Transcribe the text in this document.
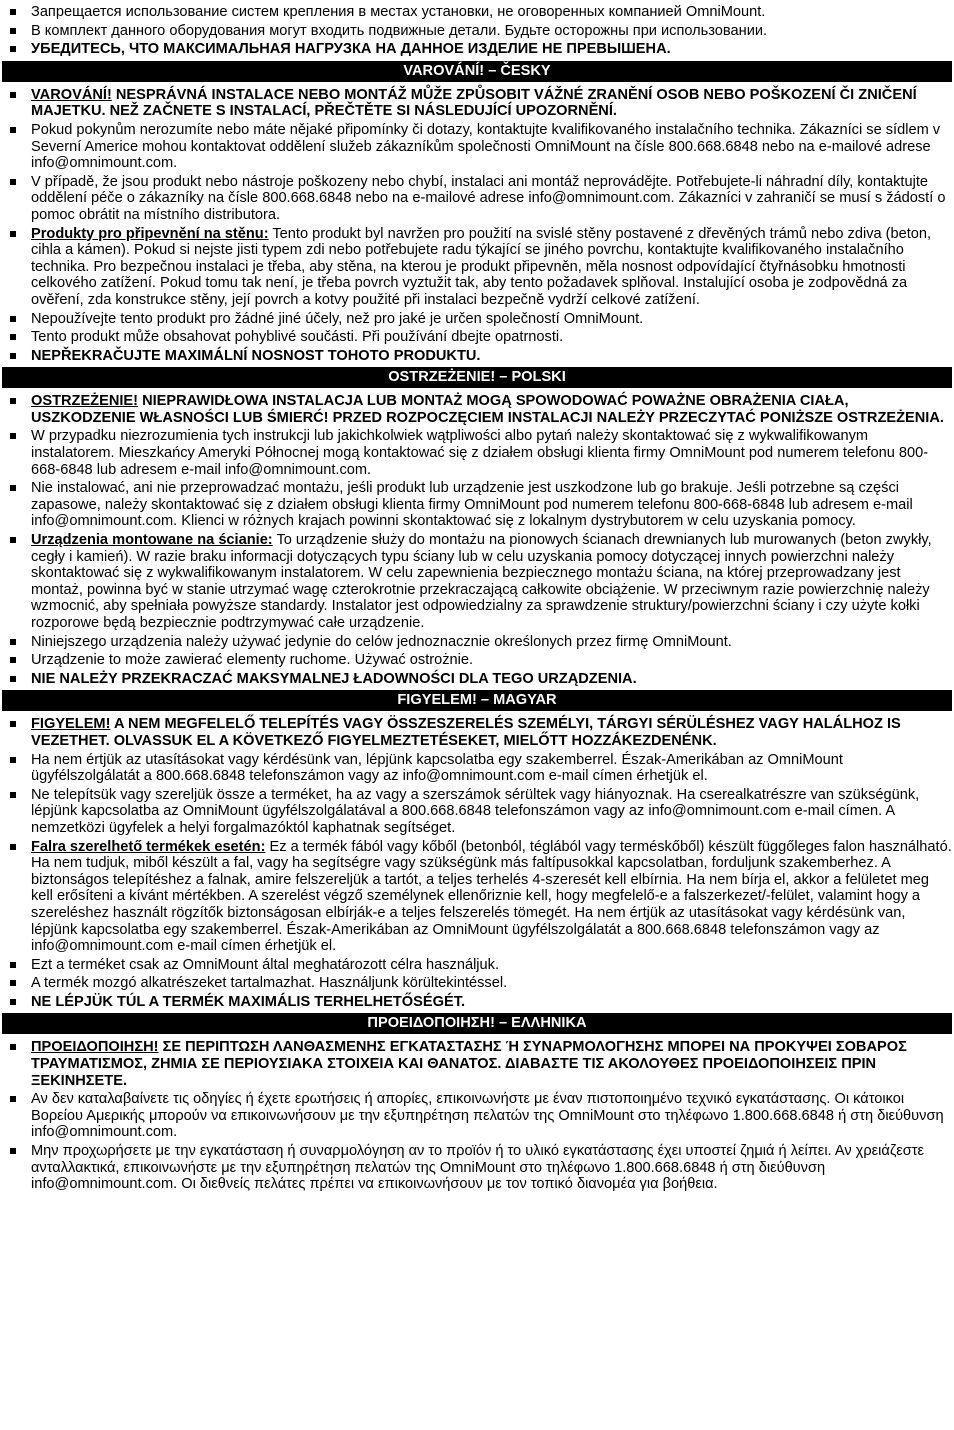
Запрещается использование систем крепления в местах установки, не оговоренных компанией OmniMount.
В комплект данного оборудования могут входить подвижные детали. Будьте осторожны при использовании.
УБЕДИТЕСЬ, ЧТО МАКСИМАЛЬНАЯ НАГРУЗКА НА ДАННОЕ ИЗДЕЛИЕ НЕ ПРЕВЫШЕНА.
VAROVÁNÍ! – ČESKY
VAROVÁNÍ! NESPRÁVNÁ INSTALACE NEBO MONTÁŽ MŮŽE ZPŮSOBIT VÁŽNÉ ZRANĚNÍ OSOB NEBO POŠKOZENÍ ČI ZNIČENÍ MAJETKU. NEŽ ZAČNETE S INSTALACÍ, PŘEČTĚTE SI NÁSLEDUJÍCÍ UPOZORNĚNÍ.
Pokud pokynům nerozumíte nebo máte nějaké připomínky či dotazy, kontaktujte kvalifikovaného instalačního technika. Zákazníci se sídlem v Severní Americe mohou kontaktovat oddělení služeb zákazníkům společnosti OmniMount na čísle 800.668.6848 nebo na e-mailové adrese info@omnimount.com.
V případě, že jsou produkt nebo nástroje poškozeny nebo chybí, instalaci ani montáž neprovádějte. Potřebujete-li náhradní díly, kontaktujte oddělení péče o zákazníky na čísle 800.668.6848 nebo na e-mailové adrese info@omnimount.com. Zákazníci v zahraničí se musí s žádostí o pomoc obrátit na místního distributora.
Produkty pro připevnění na stěnu: Tento produkt byl navržen pro použití na svislé stěny postavené z dřevěných trámů nebo zdiva (beton, cihla a kámen). Pokud si nejste jisti typem zdi nebo potřebujete radu týkající se jiného povrchu, kontaktujte kvalifikovaného instalačního technika. Pro bezpečnou instalaci je třeba, aby stěna, na kterou je produkt připevněn, měla nosnost odpovídající čtyřnásobku hmotnosti celkového zatížení. Pokud tomu tak není, je třeba povrch vyztužit tak, aby tento požadavek splňoval. Instalující osoba je zodpovědná za ověření, zda konstrukce stěny, její povrch a kotvy použité při instalaci bezpečně vydrží celkové zatížení.
Nepoužívejte tento produkt pro žádné jiné účely, než pro jaké je určen společností OmniMount.
Tento produkt může obsahovat pohyblivé součásti. Při používání dbejte opatrnosti.
NEPŘEKRAČUJTE MAXIMÁLNÍ NOSNOST TOHOTO PRODUKTU.
OSTRZEŻENIE! – POLSKI
OSTRZEŻENIE! NIEPRAWIDŁOWA INSTALACJA LUB MONTAŻ MOGĄ SPOWODOWAĆ POWAŻNE OBRAŻENIA CIAŁA, USZKODZENIE WŁASNOŚCI LUB ŚMIERĆ! PRZED ROZPOCZĘCIEM INSTALACJI NALEŻY PRZECZYTAĆ PONIŻSZE OSTRZEŻENIA.
W przypadku niezrozumienia tych instrukcji lub jakichkolwiek wątpliwości albo pytań należy skontaktować się z wykwalifikowanym instalatorem. Mieszkańcy Ameryki Północnej mogą kontaktować się z działem obsługi klienta firmy OmniMount pod numerem telefonu 800-668-6848 lub adresem e-mail info@omnimount.com.
Nie instalować, ani nie przeprowadzać montażu, jeśli produkt lub urządzenie jest uszkodzone lub go brakuje. Jeśli potrzebne są części zapasowe, należy skontaktować się z działem obsługi klienta firmy OmniMount pod numerem telefonu 800-668-6848 lub adresem e-mail info@omnimount.com. Klienci w różnych krajach powinni skontaktować się z lokalnym dystrybutorem w celu uzyskania pomocy.
Urządzenia montowane na ścianie: To urządzenie służy do montażu na pionowych ścianach drewnianych lub murowanych (beton zwykły, cegły i kamień). W razie braku informacji dotyczących typu ściany lub w celu uzyskania pomocy dotyczącej innych powierzchni należy skontaktować się z wykwalifikowanym instalatorem. W celu zapewnienia bezpiecznego montażu ściana, na której przeprowadzany jest montaż, powinna być w stanie utrzymać wagę czterokrotnie przekraczającą całkowite obciążenie. W przeciwnym razie powierzchnię należy wzmocnić, aby spełniała powyższe standardy. Instalator jest odpowiedzialny za sprawdzenie struktury/powierzchni ściany i czy użyte kołki rozporowe będą bezpiecznie podtrzymywać całe urządzenie.
Niniejszego urządzenia należy używać jedynie do celów jednoznacznie określonych przez firmę OmniMount.
Urządzenie to może zawierać elementy ruchome. Używać ostrożnie.
NIE NALEŻY PRZEKRACZAĆ MAKSYMALNEJ ŁADOWNOŚCI DLA TEGO URZĄDZENIA.
FIGYELEM! – MAGYAR
FIGYELEM! A NEM MEGFELELŐ TELEPÍTÉS VAGY ÖSSZESZERELÉS SZEMÉLYI, TÁRGYI SÉRÜLÉSHEZ VAGY HALÁLHOZ IS VEZETHET. OLVASSUK EL A KÖVETKEZŐ FIGYELMEZTETÉSEKET, MIELŐTT HOZZÁKEZDENÉNK.
Ha nem értjük az utasításokat vagy kérdésünk van, lépjünk kapcsolatba egy szakemberrel. Észak-Amerikában az OmniMount ügyfélszolgálatát a 800.668.6848 telefonszámon vagy az info@omnimount.com e-mail címen érhetjük el.
Ne telepítsük vagy szereljük össze a terméket, ha az vagy a szerszámok sérültek vagy hiányoznak. Ha cserealkatrészre van szükségünk, lépjünk kapcsolatba az OmniMount ügyfélszolgálatával a 800.668.6848 telefonszámon vagy az info@omnimount.com e-mail címen. A nemzetközi ügyfelek a helyi forgalmazóktól kaphatnak segítséget.
Falra szerelhető termékek esetén: Ez a termék fából vagy kőből (betonból, téglából vagy terméskőből) készült függőleges falon használható. Ha nem tudjuk, miből készült a fal, vagy ha segítségre vagy szükségünk más faltípusokkal kapcsolatban, forduljunk szakemberhez. A biztonságos telepítéshez a falnak, amire felszereljük a tartót, a teljes terhelés 4-szeresét kell elbírnia. Ha nem bírja el, akkor a felületet meg kell erősíteni a kívánt mértékben. A szerelést végző személynek ellenőriznie kell, hogy megfelelő-e a falszerkezet/-felület, valamint hogy a szereléshez használt rögzítők biztonságosan elbírják-e a teljes felszerelés tömegét. Ha nem értjük az utasításokat vagy kérdésünk van, lépjünk kapcsolatba egy szakemberrel. Észak-Amerikában az OmniMount ügyfélszolgálatát a 800.668.6848 telefonszámon vagy az info@omnimount.com e-mail címen érhetjük el.
Ezt a terméket csak az OmniMount által meghatározott célra használjuk.
A termék mozgó alkatrészeket tartalmazhat. Használjunk körültekintéssel.
NE LÉPJÜK TÚL A TERMÉK MAXIMÁLIS TERHELHETŐSÉGÉT.
ΠΡΟΕΙΔΟΠΟΙΗΣΗ! – ΕΛΛΗΝΙΚΑ
ΠΡΟΕΙΔΟΠΟΙΗΣΗ! ΣΕ ΠΕΡΙΠΤΩΣΗ ΛΑΝΘΑΣΜΕΝΗΣ ΕΓΚΑΤΑΣΤΑΣΗΣ Ή ΣΥΝΑΡΜΟΛΟΓΗΣΗΣ ΜΠΟΡΕΙ ΝΑ ΠΡΟΚΥΨΕΙ ΣΟΒΑΡΟΣ ΤΡΑΥΜΑΤΙΣΜΟΣ, ΖΗΜΙΑ ΣΕ ΠΕΡΙΟΥΣΙΑΚΑ ΣΤΟΙΧΕΙΑ ΚΑΙ ΘΑΝΑΤΟΣ. ΔΙΑΒΑΣΤΕ ΤΙΣ ΑΚΟΛΟΥΘΕΣ ΠΡΟΕΙΔΟΠΟΙΗΣΕΙΣ ΠΡΙΝ ΞΕΚΙΝΗΣΕΤΕ.
Αν δεν καταλαβαίνετε τις οδηγίες ή έχετε ερωτήσεις ή απορίες, επικοινωνήστε με έναν πιστοποιημένο τεχνικό εγκατάστασης. Οι κάτοικοι Βορείου Αμερικής μπορούν να επικοινωνήσουν με την εξυπηρέτηση πελατών της OmniMount στο τηλέφωνο 1.800.668.6848 ή στη διεύθυνση info@omnimount.com.
Μην προχωρήσετε με την εγκατάσταση ή συναρμολόγηση αν το προϊόν ή το υλικό εγκατάστασης έχει υποστεί ζημιά ή λείπει. Αν χρειάζεστε ανταλλακτικά, επικοινωνήστε με την εξυπηρέτηση πελατών της OmniMount στο τηλέφωνο 1.800.668.6848 ή στη διεύθυνση info@omnimount.com. Οι διεθνείς πελάτες πρέπει να επικοινωνήσουν με τον τοπικό διανομέα για βοήθεια.
